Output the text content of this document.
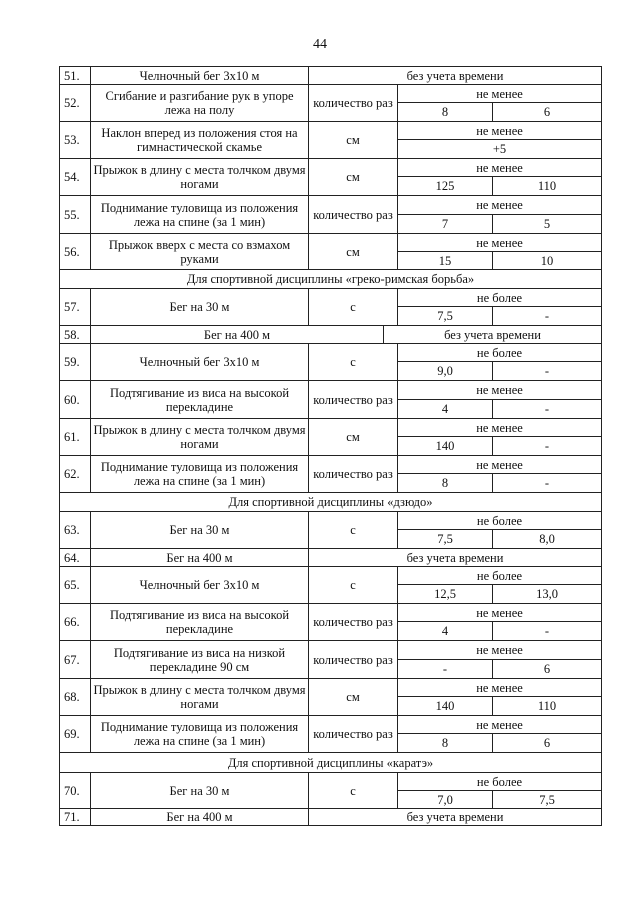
44
51.	Челночный бег 3х10 м	без учета времени			
52.	Сгибание и разгибание рук в упоре лежа на полу	количество раз		не менее	
				8	6
53.	Наклон вперед из положения стоя на гимнастической скамье	см		не менее	
				+5	
54.	Прыжок в длину с места толчком двумя ногами	см		не менее	
				125	110
55.	Поднимание туловища из положения лежа на спине (за 1 мин)	количество раз		не менее	
				7	5
56.	Прыжок вверх с места со взмахом руками	см		не менее	
				15	10
Для спортивной дисциплины «греко-римская борьба»					
57.	Бег на 30 м	с		не более	
				7,5	-
58.	Бег на 400 м		без учета времени		
59.	Челночный бег 3х10 м	с		не более	
				9,0	-
60.	Подтягивание из виса на высокой перекладине	количество раз		не менее	
				4	-
61.	Прыжок в длину с места толчком двумя ногами	см		не менее	
				140	-
62.	Поднимание туловища из положения лежа на спине (за 1 мин)	количество раз		не менее	
				8	-
Для спортивной дисциплины «дзюдо»					
63.	Бег на 30 м	с		не более	
				7,5	8,0
64.	Бег на 400 м	без учета времени			
65.	Челночный бег 3х10 м	с		не более	
				12,5	13,0
66.	Подтягивание из виса на высокой перекладине	количество раз		не менее	
				4	-
67.	Подтягивание из виса на низкой перекладине 90 см	количество раз		не менее	
				-	6
68.	Прыжок в длину с места толчком двумя ногами	см		не менее	
				140	110
69.	Поднимание туловища из положения лежа на спине (за 1 мин)	количество раз		не менее	
				8	6
Для спортивной дисциплины «каратэ»					
70.	Бег на 30 м	с		не более	
				7,0	7,5
71.	Бег на 400 м	без учета времени			
